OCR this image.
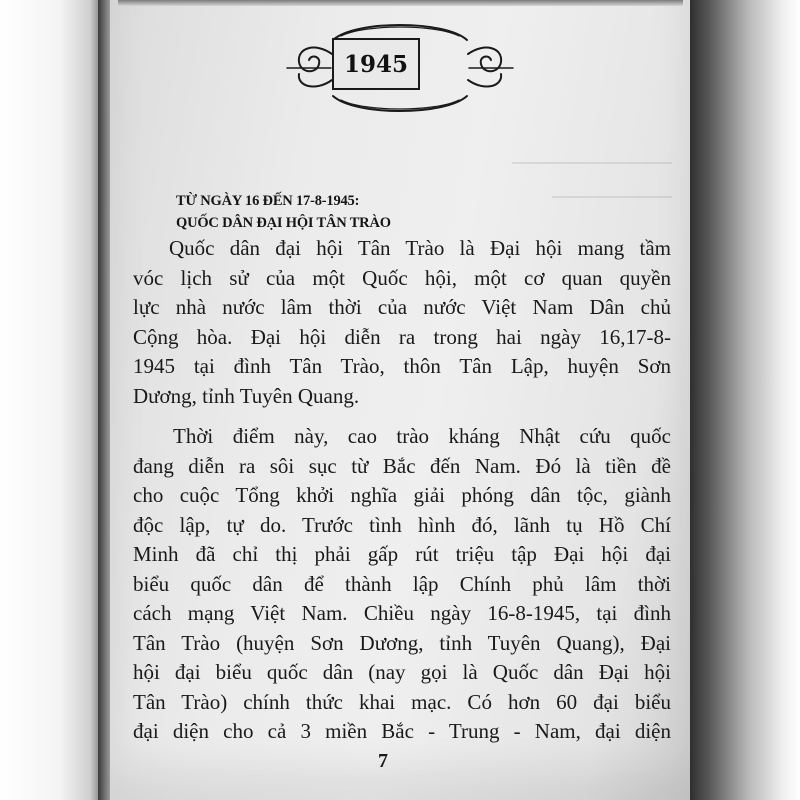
1945
TỪ NGÀY 16 ĐẾN 17-8-1945:
QUỐC DÂN ĐẠI HỘI TÂN TRÀO
Quốc dân đại hội Tân Trào là Đại hội mang tầm
vóc lịch sử của một Quốc hội, một cơ quan quyền
lực nhà nước lâm thời của nước Việt Nam Dân chủ
Cộng hòa. Đại hội diễn ra trong hai ngày 16,17-8-
1945 tại đình Tân Trào, thôn Tân Lập, huyện Sơn
Dương, tỉnh Tuyên Quang.
Thời điểm này, cao trào kháng Nhật cứu quốc
đang diễn ra sôi sục từ Bắc đến Nam. Đó là tiền đề
cho cuộc Tổng khởi nghĩa giải phóng dân tộc, giành
độc lập, tự do. Trước tình hình đó, lãnh tụ Hồ Chí
Minh đã chỉ thị phải gấp rút triệu tập Đại hội đại
biểu quốc dân để thành lập Chính phủ lâm thời
cách mạng Việt Nam. Chiều ngày 16-8-1945, tại đình
Tân Trào (huyện Sơn Dương, tỉnh Tuyên Quang), Đại
hội đại biểu quốc dân (nay gọi là Quốc dân Đại hội
Tân Trào) chính thức khai mạc. Có hơn 60 đại biểu
đại diện cho cả 3 miền Bắc - Trung - Nam, đại diện
7
